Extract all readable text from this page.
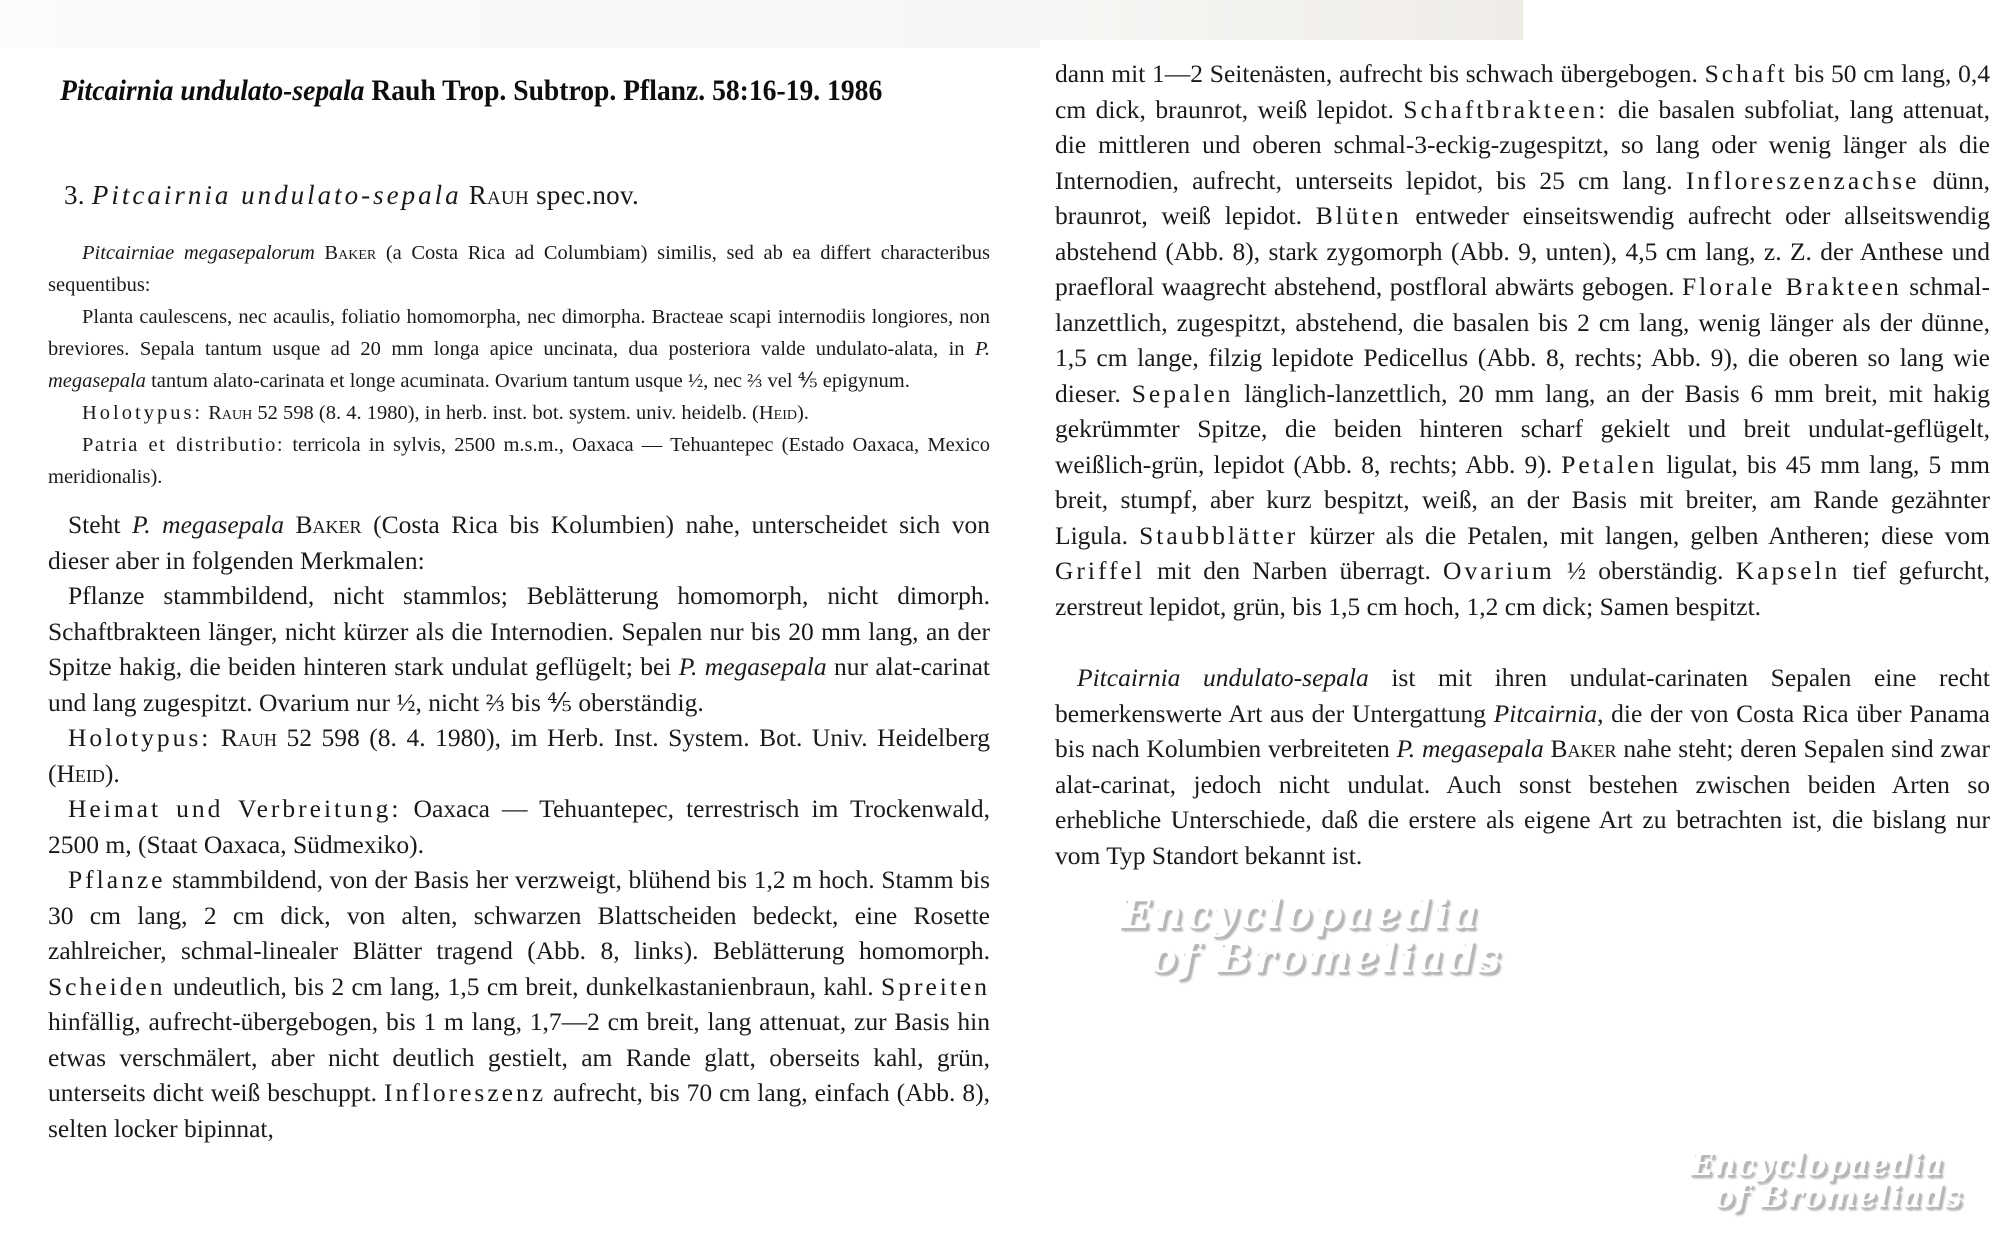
Pitcairnia undulato-sepala Rauh Trop. Subtrop. Pflanz. 58:16-19. 1986
3. Pitcairnia undulato-sepala Rauh spec.nov.

Pitcairniae megasepalorum Baker (a Costa Rica ad Columbiam) similis, sed ab ea differt characteribus sequentibus:

Planta caulescens, nec acaulis, foliatio homomorpha, nec dimorpha. Bracteae scapi internodiis longiores, non breviores. Sepala tantum usque ad 20 mm longa apice uncinata, dua posteriora valde undulato-alata, in P. megasepala tantum alato-carinata et longe acuminata. Ovarium tantum usque ½, nec ⅔ vel ⅘ epigynum.

Holotypus: Rauh 52 598 (8. 4. 1980), in herb. inst. bot. system. univ. heidelb. (Heid).

Patria et distributio: terricola in sylvis, 2500 m.s.m., Oaxaca — Tehuantepec (Estado Oaxaca, Mexico meridionalis).

Steht P. megasepala Baker (Costa Rica bis Kolumbien) nahe, unterscheidet sich von dieser aber in folgenden Merkmalen:

Pflanze stammbildend, nicht stammlos; Beblätterung homomorph, nicht dimorph. Schaftbrakteen länger, nicht kürzer als die Internodien. Sepalen nur bis 20 mm lang, an der Spitze hakig, die beiden hinteren stark undulat geflügelt; bei P. megasepala nur alat-carinat und lang zugespitzt. Ovarium nur ½, nicht ⅔ bis ⅘ oberständig.

Holotypus: Rauh 52 598 (8. 4. 1980), im Herb. Inst. System. Bot. Univ. Heidelberg (Heid).

Heimat und Verbreitung: Oaxaca — Tehuantepec, terrestrisch im Trockenwald, 2500 m, (Staat Oaxaca, Südmexiko).

Pflanze stammbildend, von der Basis her verzweigt, blühend bis 1,2 m hoch. Stamm bis 30 cm lang, 2 cm dick, von alten, schwarzen Blattscheiden bedeckt, eine Rosette zahlreicher, schmal-linealer Blätter tragend (Abb. 8, links). Beblätterung homomorph. Scheiden undeutlich, bis 2 cm lang, 1,5 cm breit, dunkelkastanienbraun, kahl. Spreiten hinfällig, aufrecht-übergebogen, bis 1 m lang, 1,7—2 cm breit, lang attenuat, zur Basis hin etwas verschmälert, aber nicht deutlich gestielt, am Rande glatt, oberseits kahl, grün, unterseits dicht weiß beschuppt. Infloreszenz aufrecht, bis 70 cm lang, einfach (Abb. 8), selten locker bipinnat,

dann mit 1—2 Seitenästen, aufrecht bis schwach übergebogen. Schaft bis 50 cm lang, 0,4 cm dick, braunrot, weiß lepidot. Schaftbrakteen: die basalen subfoliat, lang attenuat, die mittleren und oberen schmal-3-eckig-zugespitzt, so lang oder wenig länger als die Internodien, aufrecht, unterseits lepidot, bis 25 cm lang. Infloreszenzachse dünn, braunrot, weiß lepidot. Blüten entweder einseitswendig aufrecht oder allseitswendig abstehend (Abb. 8), stark zygomorph (Abb. 9, unten), 4,5 cm lang, z. Z. der Anthese und praefloral waagrecht abstehend, postfloral abwärts gebogen. Florale Brakteen schmal-lanzettlich, zugespitzt, abstehend, die basalen bis 2 cm lang, wenig länger als der dünne, 1,5 cm lange, filzig lepidote Pedicellus (Abb. 8, rechts; Abb. 9), die oberen so lang wie dieser. Sepalen länglich-lanzettlich, 20 mm lang, an der Basis 6 mm breit, mit hakig gekrümmter Spitze, die beiden hinteren scharf gekielt und breit undulat-geflügelt, weißlich-grün, lepidot (Abb. 8, rechts; Abb. 9). Petalen ligulat, bis 45 mm lang, 5 mm breit, stumpf, aber kurz bespitzt, weiß, an der Basis mit breiter, am Rande gezähnter Ligula. Staubblätter kürzer als die Petalen, mit langen, gelben Antheren; diese vom Griffel mit den Narben überragt. Ovarium ½ oberständig. Kapseln tief gefurcht, zerstreut lepidot, grün, bis 1,5 cm hoch, 1,2 cm dick; Samen bespitzt.

Pitcairnia undulato-sepala ist mit ihren undulat-carinaten Sepalen eine recht bemerkenswerte Art aus der Untergattung Pitcairnia, die der von Costa Rica über Panama bis nach Kolumbien verbreiteten P. megasepala Baker nahe steht; deren Sepalen sind zwar alat-carinat, jedoch nicht undulat. Auch sonst bestehen zwischen beiden Arten so erhebliche Unterschiede, daß die erstere als eigene Art zu betrachten ist, die bislang nur vom Typ Standort bekannt ist.

Encyclopaedia
of Bromeliads
Encyclopaedia
of Bromeliads
